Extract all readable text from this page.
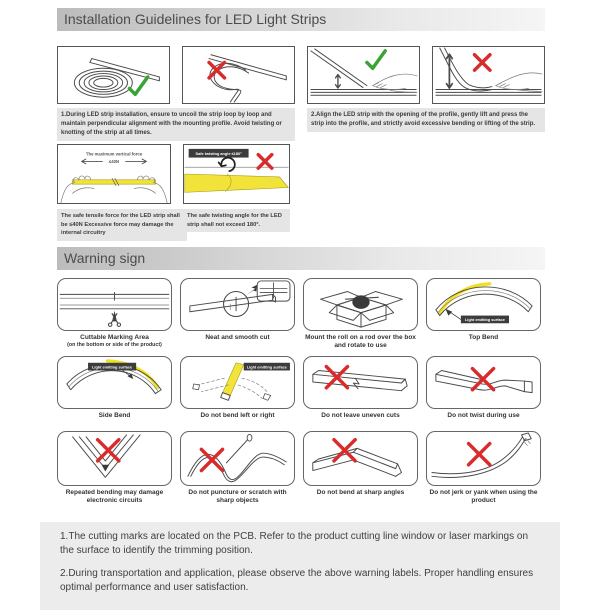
Installation Guidelines for LED Light Strips
1.During LED strip installation, ensure to uncoil the strip loop by loop and maintain perpendicular alignment with the mounting profile. Avoid twisting or knotting of the strip at all times.
2.Align the LED strip with the opening of the profile, gently lift and press the strip into the profile, and strictly avoid excessive bending or lifting of the strip.
The maximum vertical force
≤40N
The safe tensile force for the LED strip shall be ≤40N Excessive force may damage the internal circuitry
Safe twisting angle ≤180°
The safe twisting angle for the LED strip shall not exceed 180°.
Warning sign
Cuttable Marking Area
(on the bottom or side of the product)
Neat and smooth cut	Mount the roll on a rod over the box and rotate to use
Light emitting surface
Top Bend
Light emitting surface
Side Bend
Light emitting surface
Do not bend left or right	Do not leave uneven cuts	Do not twist during use
Repeated bending may damage electronic circuits
Do not puncture or scratch with sharp objects
Do not bend at sharp angles	Do not jerk or yank when using the product

1.The cutting marks are located on the PCB. Refer to the product cutting line window or laser markings on the surface to identify the trimming position.

2.During transportation and application, please observe the above warning labels. Proper handling ensures optimal performance and user satisfaction.
